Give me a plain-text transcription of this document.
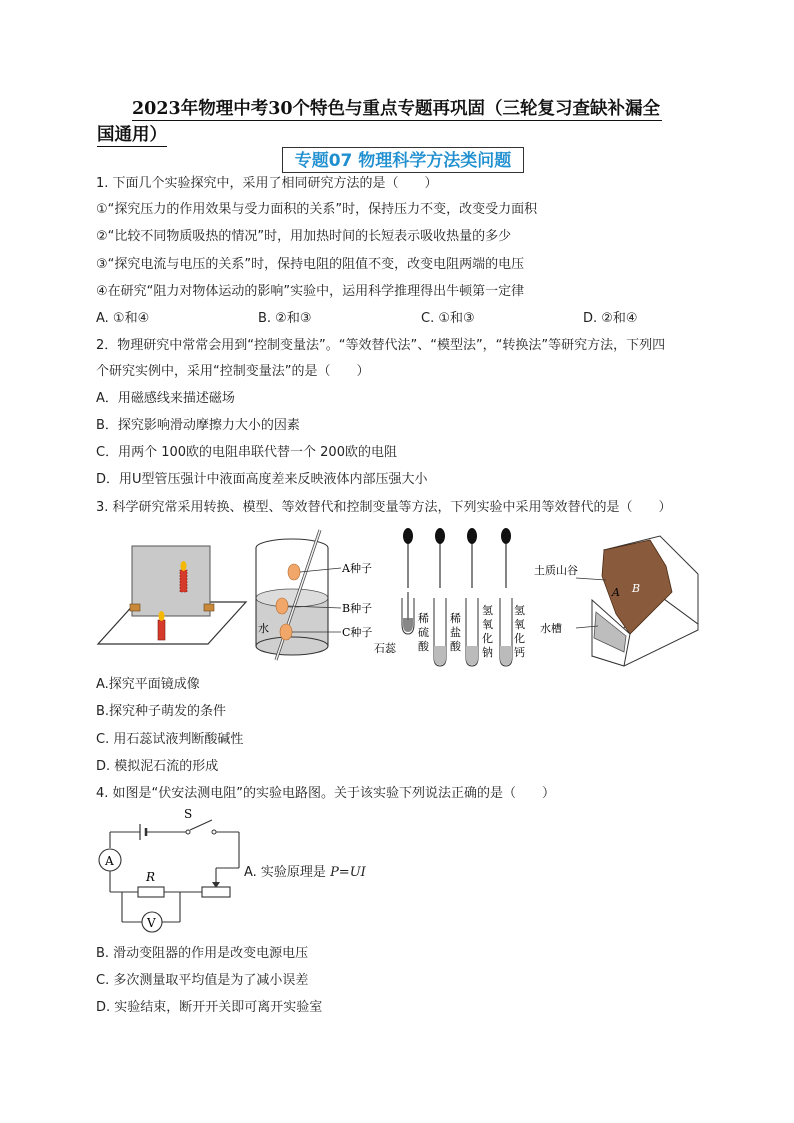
2023年物理中考30个特色与重点专题再巩固（三轮复习查缺补漏全
国通用）
专题07 物理科学方法类问题
1. 下面几个实验探究中，采用了相同研究方法的是（　　）
①“探究压力的作用效果与受力面积的关系”时，保持压力不变，改变受力面积
②“比较不同物质吸热的情况”时，用加热时间的长短表示吸收热量的多少
③“探究电流与电压的关系”时，保持电阻的阻值不变，改变电阻两端的电压
④在研究“阻力对物体运动的影响”实验中，运用科学推理得出牛顿第一定律
A. ①和④	B. ②和③	C. ①和③	D. ②和④
2．物理研究中常常会用到“控制变量法”。“等效替代法”、“模型法”，“转换法”等研究方法，下列四
个研究实例中，采用“控制变量法”的是（　　）
A．用磁感线来描述磁场
B．探究影响滑动摩擦力大小的因素
C．用两个 100欧的电阻串联代替一个 200欧的电阻
D．用U型管压强计中液面高度差来反映液体内部压强大小
3. 科学研究常采用转换、模型、等效替代和控制变量等方法，下列实验中采用等效替代的是（　　）
A种子
B种子
C种子
水
石蕊
稀硫酸
稀盐酸
氢氧化钠
氢氧化钙
土质山谷
水槽
A B
A.探究平面镜成像
B.探究种子萌发的条件
C. 用石蕊试液判断酸碱性
D. 模拟泥石流的形成
4. 如图是“伏安法测电阻”的实验电路图。关于该实验下列说法正确的是（　　）
S
A
R
V
A. 实验原理是 P=UI
B. 滑动变阻器的作用是改变电源电压
C. 多次测量取平均值是为了减小误差
D. 实验结束，断开开关即可离开实验室
